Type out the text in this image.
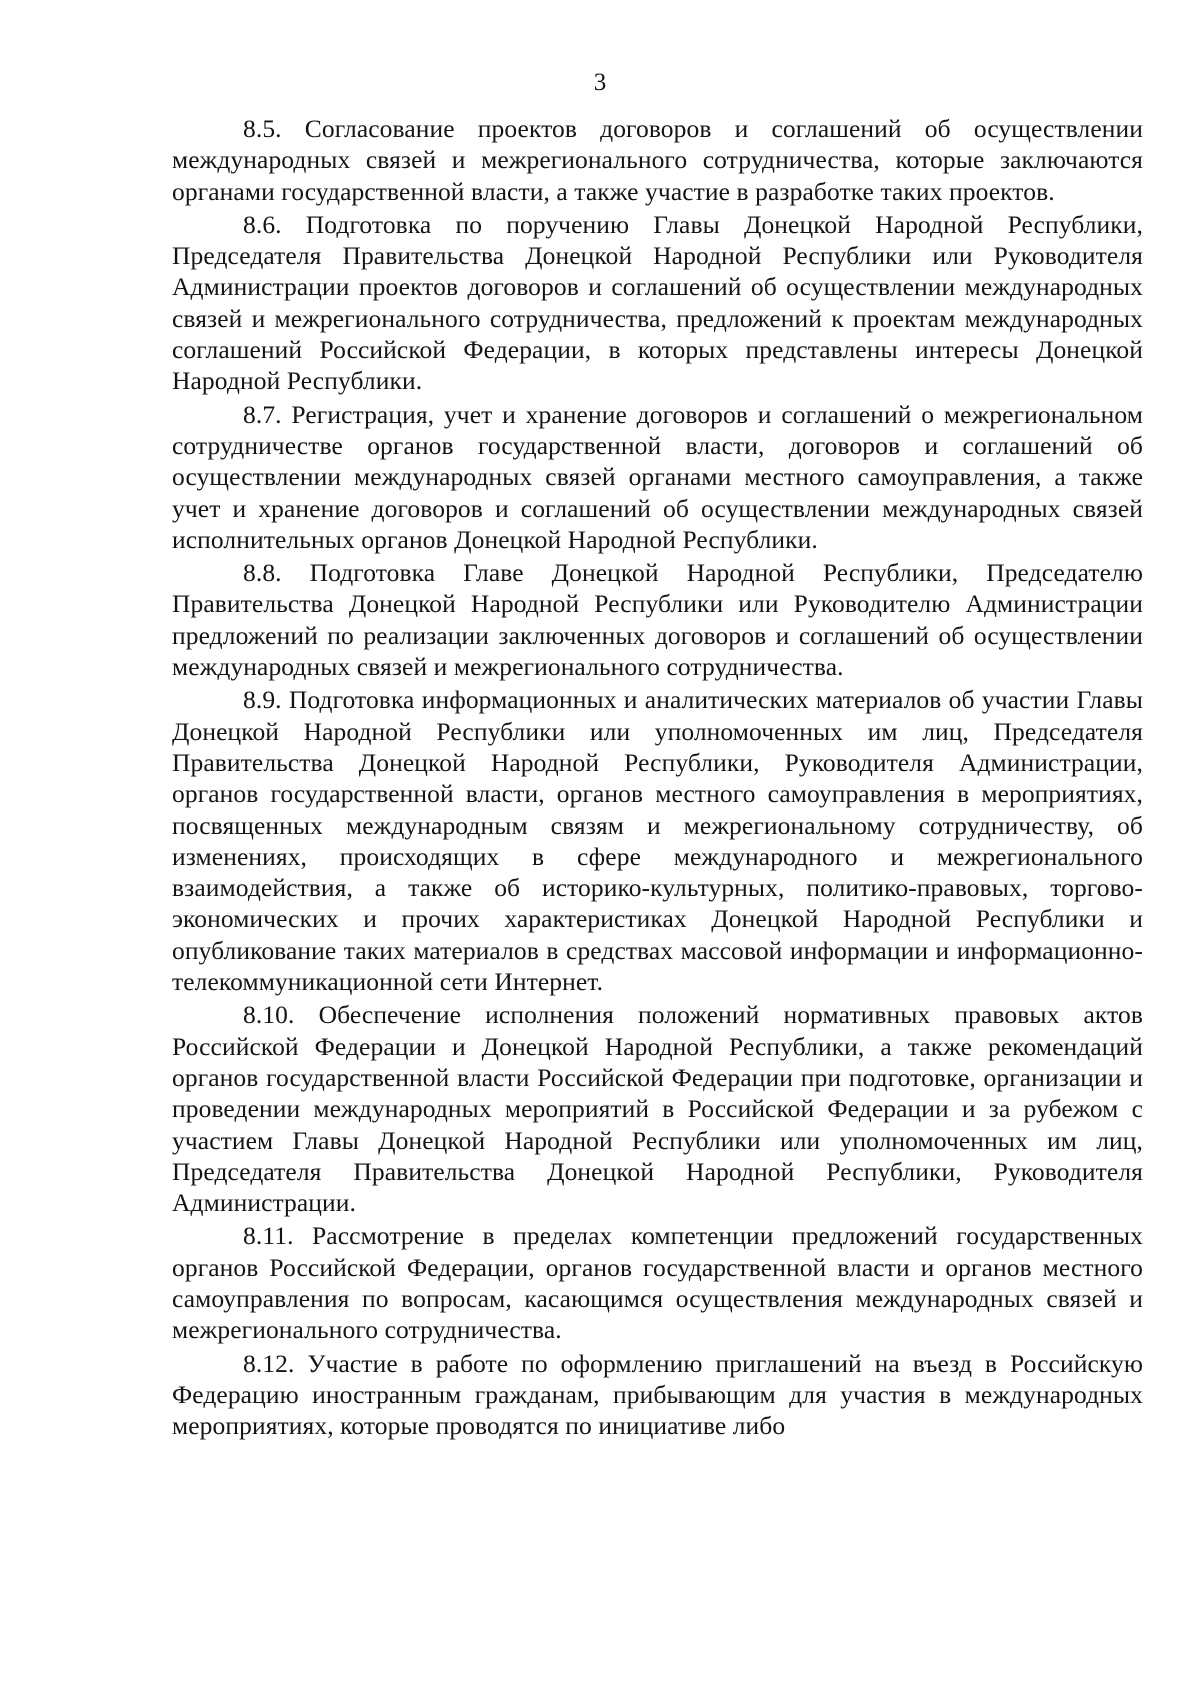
3

8.5. Согласование проектов договоров и соглашений об осуществлении международных связей и межрегионального сотрудничества, которые заключаются органами государственной власти, а также участие в разработке таких проектов.

8.6. Подготовка по поручению Главы Донецкой Народной Республики, Председателя Правительства Донецкой Народной Республики или Руководителя Администрации проектов договоров и соглашений об осуществлении международных связей и межрегионального сотрудничества, предложений к проектам международных соглашений Российской Федерации, в которых представлены интересы Донецкой Народной Республики.

8.7. Регистрация, учет и хранение договоров и соглашений о межрегиональном сотрудничестве органов государственной власти, договоров и соглашений об осуществлении международных связей органами местного самоуправления, а также учет и хранение договоров и соглашений об осуществлении международных связей исполнительных органов Донецкой Народной Республики.

8.8. Подготовка Главе Донецкой Народной Республики, Председателю Правительства Донецкой Народной Республики или Руководителю Администрации предложений по реализации заключенных договоров и соглашений об осуществлении международных связей и межрегионального сотрудничества.

8.9. Подготовка информационных и аналитических материалов об участии Главы Донецкой Народной Республики или уполномоченных им лиц, Председателя Правительства Донецкой Народной Республики, Руководителя Администрации, органов государственной власти, органов местного самоуправления в мероприятиях, посвященных международным связям и межрегиональному сотрудничеству, об изменениях, происходящих в сфере международного и межрегионального взаимодействия, а также об историко-культурных, политико-правовых, торгово-экономических и прочих характеристиках Донецкой Народной Республики и опубликование таких материалов в средствах массовой информации и информационно-телекоммуникационной сети Интернет.

8.10. Обеспечение исполнения положений нормативных правовых актов Российской Федерации и Донецкой Народной Республики, а также рекомендаций органов государственной власти Российской Федерации при подготовке, организации и проведении международных мероприятий в Российской Федерации и за рубежом с участием Главы Донецкой Народной Республики или уполномоченных им лиц, Председателя Правительства Донецкой Народной Республики, Руководителя Администрации.

8.11. Рассмотрение в пределах компетенции предложений государственных органов Российской Федерации, органов государственной власти и органов местного самоуправления по вопросам, касающимся осуществления международных связей и межрегионального сотрудничества.

8.12. Участие в работе по оформлению приглашений на въезд в Российскую Федерацию иностранным гражданам, прибывающим для участия в международных мероприятиях, которые проводятся по инициативе либо
